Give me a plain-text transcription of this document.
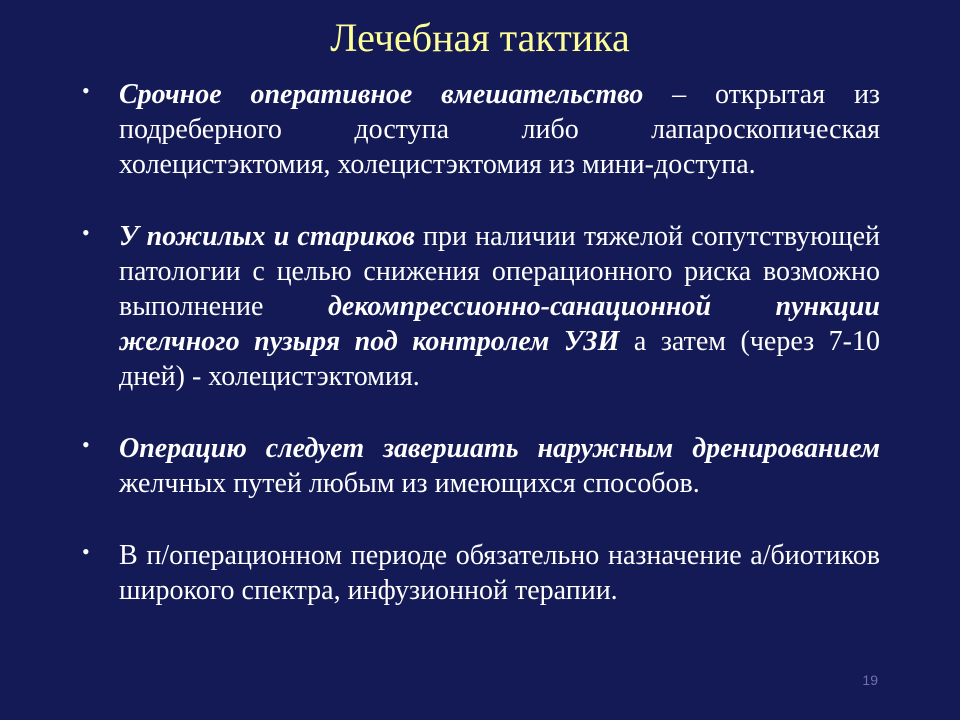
Лечебная тактика
• Срочное оперативное вмешательство – открытая из подреберного доступа либо лапароскопическая холецистэктомия, холецистэктомия из мини-доступа.
• У пожилых и стариков при наличии тяжелой сопутствующей патологии с целью снижения операционного риска возможно выполнение декомпрессионно-санационной пункции желчного пузыря под контролем УЗИ а затем (через 7-10 дней) - холецистэктомия.
• Операцию следует завершать наружным дренированием желчных путей любым из имеющихся способов.
• В п/операционном периоде обязательно назначение а/биотиков широкого спектра, инфузионной терапии.
19
